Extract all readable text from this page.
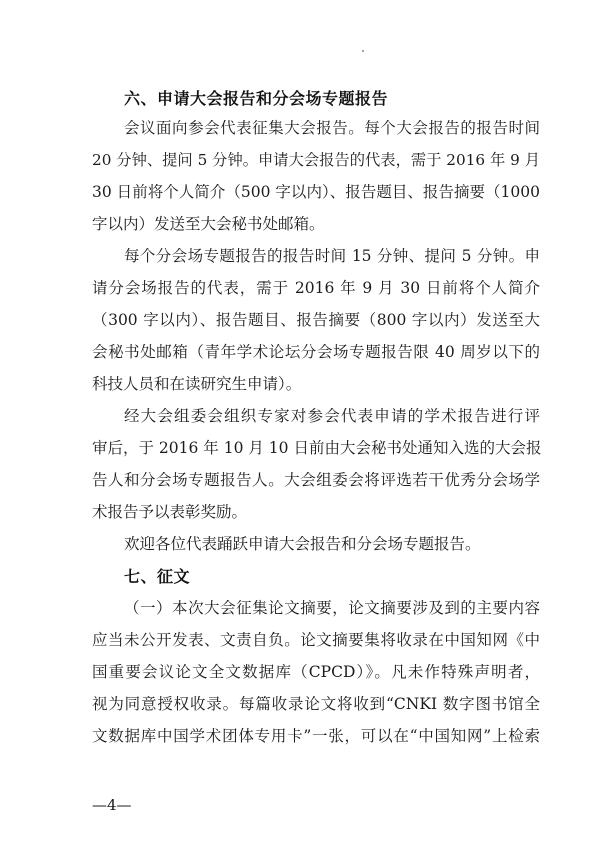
六、申请大会报告和分会场专题报告
会议面向参会代表征集大会报告。每个大会报告的报告时间
20 分钟、提问 5 分钟。申请大会报告的代表，需于 2016 年 9 月
30 日前将个人简介（500 字以内）、报告题目、报告摘要（1000
字以内）发送至大会秘书处邮箱。
每个分会场专题报告的报告时间 15 分钟、提问 5 分钟。申
请分会场报告的代表，需于 2016 年 9 月 30 日前将个人简介
（300 字以内）、报告题目、报告摘要（800 字以内）发送至大
会秘书处邮箱（青年学术论坛分会场专题报告限 40 周岁以下的
科技人员和在读研究生申请）。
经大会组委会组织专家对参会代表申请的学术报告进行评
审后，于 2016 年 10 月 10 日前由大会秘书处通知入选的大会报
告人和分会场专题报告人。大会组委会将评选若干优秀分会场学
术报告予以表彰奖励。
欢迎各位代表踊跃申请大会报告和分会场专题报告。
七、征文
（一）本次大会征集论文摘要，论文摘要涉及到的主要内容
应当未公开发表、文责自负。论文摘要集将收录在中国知网《中
国重要会议论文全文数据库（CPCD）》。凡未作特殊声明者，
视为同意授权收录。每篇收录论文将收到“CNKI 数字图书馆全
文数据库中国学术团体专用卡”一张，可以在“中国知网”上检索
—4—
